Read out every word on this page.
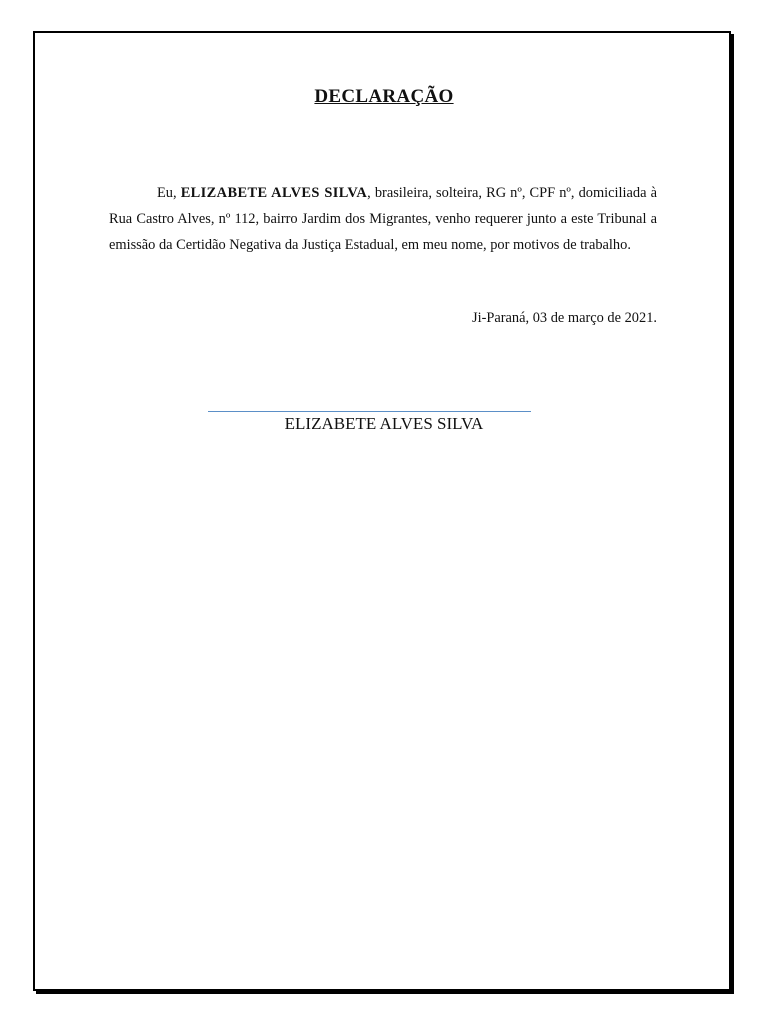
DECLARAÇÃO

Eu, ELIZABETE ALVES SILVA, brasileira, solteira, RG nº, CPF nº, domiciliada à Rua Castro Alves, nº 112, bairro Jardim dos Migrantes, venho requerer junto a este Tribunal a emissão da Certidão Negativa da Justiça Estadual, em meu nome, por motivos de trabalho.

Ji-Paraná, 03 de março de 2021.
ELIZABETE ALVES SILVA
